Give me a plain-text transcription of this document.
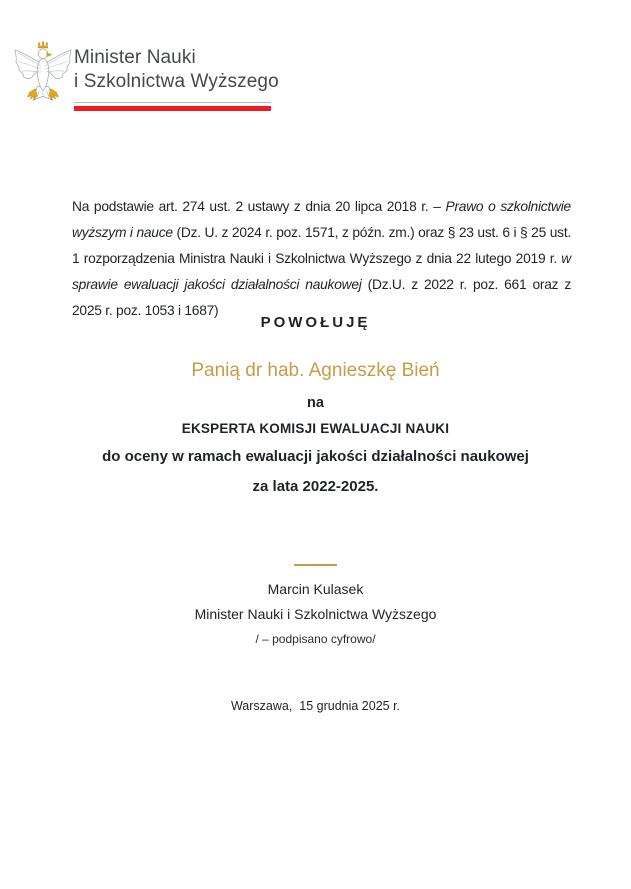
Minister Nauki
i Szkolnictwa Wyższego

Na podstawie art. 274 ust. 2 ustawy z dnia 20 lipca 2018 r. – Prawo o szkolnictwie wyższym i nauce (Dz. U. z 2024 r. poz. 1571, z późn. zm.) oraz § 23 ust. 6 i § 25 ust. 1 rozporządzenia Ministra Nauki i Szkolnictwa Wyższego z dnia 22 lutego 2019 r. w sprawie ewaluacji jakości działalności naukowej (Dz.U. z 2022 r. poz. 661 oraz z 2025 r. poz. 1053 i 1687)

POWOŁUJĘ
Panią dr hab. Agnieszkę Bień
na
EKSPERTA KOMISJI EWALUACJI NAUKI
do oceny w ramach ewaluacji jakości działalności naukowej
za lata 2022-2025.
Marcin Kulasek
Minister Nauki i Szkolnictwa Wyższego
/ – podpisano cyfrowo/
Warszawa,  15 grudnia 2025 r.
